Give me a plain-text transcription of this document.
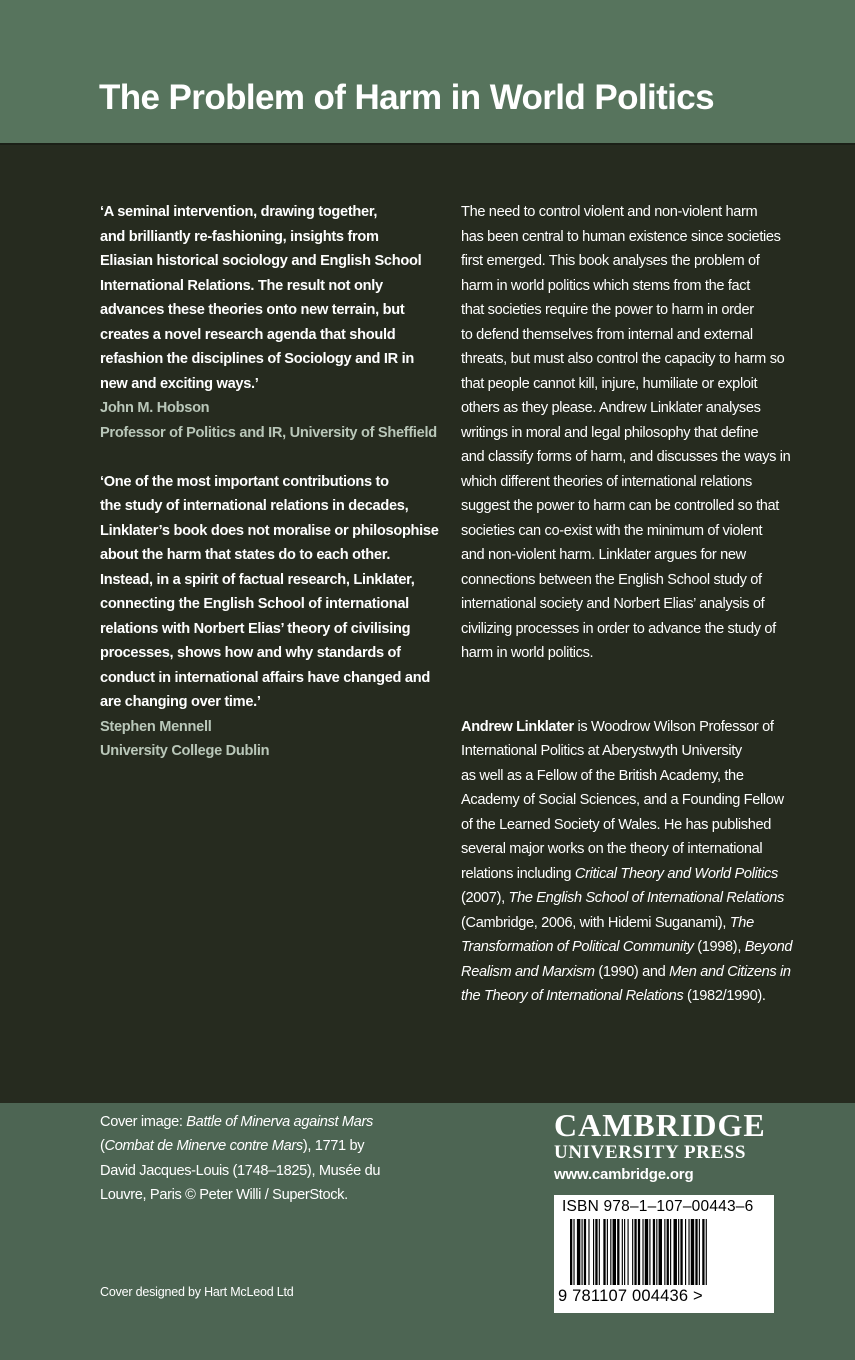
The Problem of Harm in World Politics
‘A seminal intervention, drawing together,
and brilliantly re-fashioning, insights from
Eliasian historical sociology and English School
International Relations. The result not only
advances these theories onto new terrain, but
creates a novel research agenda that should
refashion the disciplines of Sociology and IR in
new and exciting ways.’
John M. Hobson
Professor of Politics and IR, University of Sheffield
‘One of the most important contributions to
the study of international relations in decades,
Linklater’s book does not moralise or philosophise
about the harm that states do to each other.
Instead, in a spirit of factual research, Linklater,
connecting the English School of international
relations with Norbert Elias’ theory of civilising
processes, shows how and why standards of
conduct in international affairs have changed and
are changing over time.’
Stephen Mennell
University College Dublin
The need to control violent and non-violent harm
has been central to human existence since societies
first emerged. This book analyses the problem of
harm in world politics which stems from the fact
that societies require the power to harm in order
to defend themselves from internal and external
threats, but must also control the capacity to harm so
that people cannot kill, injure, humiliate or exploit
others as they please. Andrew Linklater analyses
writings in moral and legal philosophy that define
and classify forms of harm, and discusses the ways in
which different theories of international relations
suggest the power to harm can be controlled so that
societies can co-exist with the minimum of violent
and non-violent harm. Linklater argues for new
connections between the English School study of
international society and Norbert Elias’ analysis of
civilizing processes in order to advance the study of
harm in world politics.
Andrew Linklater is Woodrow Wilson Professor of
International Politics at Aberystwyth University
as well as a Fellow of the British Academy, the
Academy of Social Sciences, and a Founding Fellow
of the Learned Society of Wales. He has published
several major works on the theory of international
relations including Critical Theory and World Politics
(2007), The English School of International Relations
(Cambridge, 2006, with Hidemi Suganami), The
Transformation of Political Community (1998), Beyond
Realism and Marxism (1990) and Men and Citizens in
the Theory of International Relations (1982/1990).
Cover image: Battle of Minerva against Mars
(Combat de Minerve contre Mars), 1771 by
David Jacques-Louis (1748–1825), Musée du
Louvre, Paris © Peter Willi / SuperStock.
Cover designed by Hart McLeod Ltd
CAMBRIDGE
UNIVERSITY PRESS
www.cambridge.org
ISBN 978–1–107–00443–6
9 781107 004436 >
